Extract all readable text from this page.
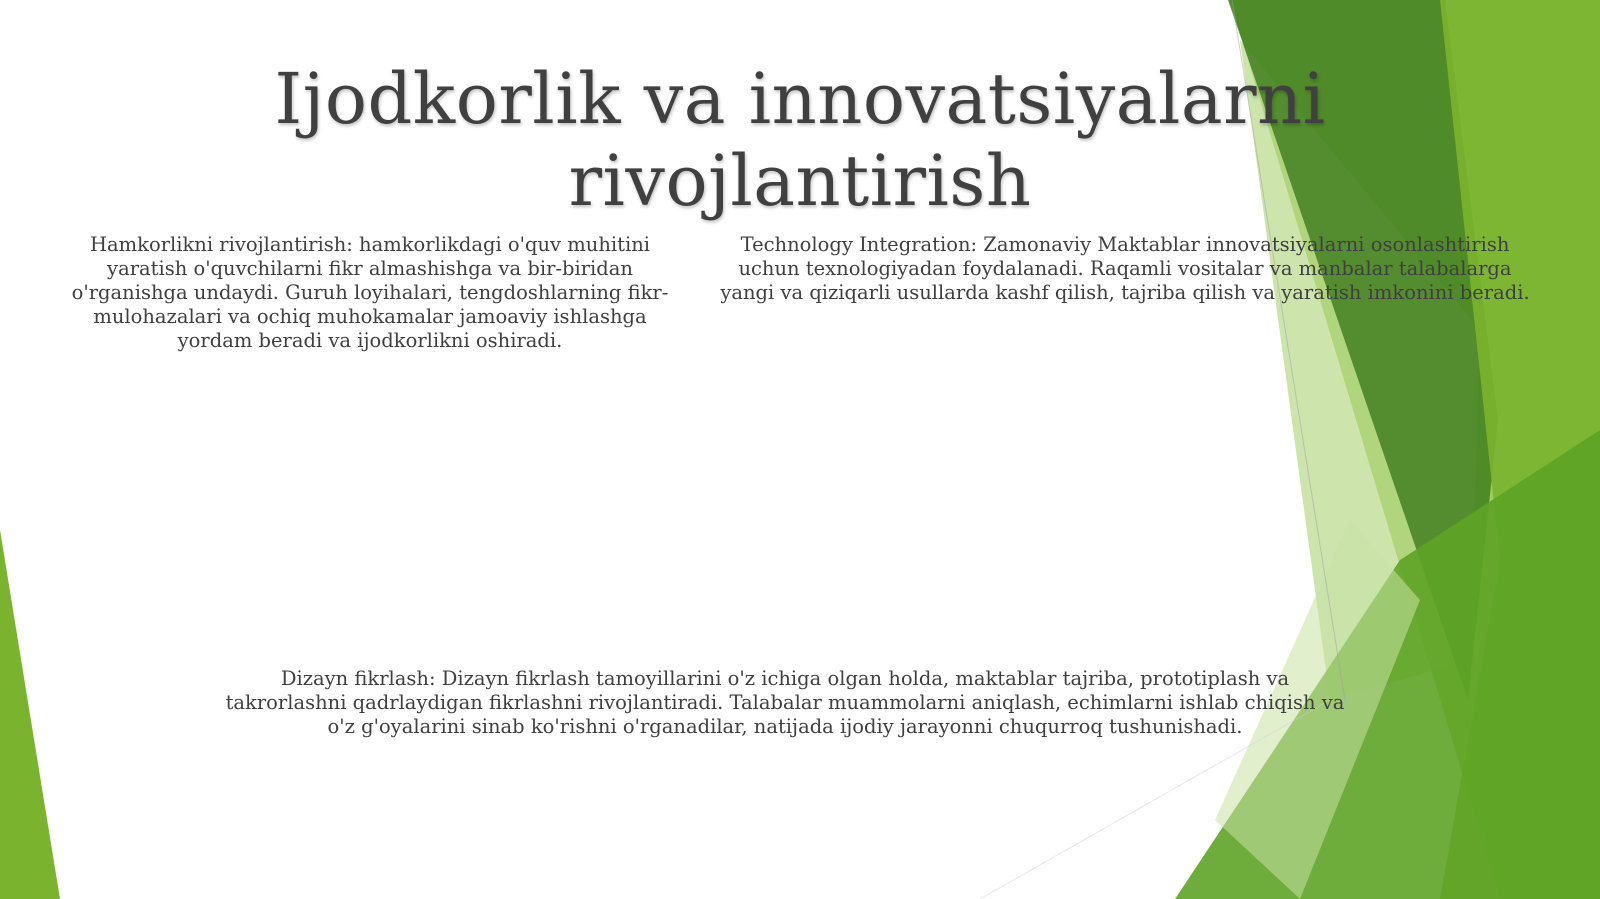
Ijodkorlik va innovatsiyalarni rivojlantirish

Hamkorlikni rivojlantirish: hamkorlikdagi o'quv muhitini yaratish o'quvchilarni fikr almashishga va bir-biridan o'rganishga undaydi. Guruh loyihalari, tengdoshlarning fikr-mulohazalari va ochiq muhokamalar jamoaviy ishlashga yordam beradi va ijodkorlikni oshiradi.

Technology Integration: Zamonaviy Maktablar innovatsiyalarni osonlashtirish uchun texnologiyadan foydalanadi. Raqamli vositalar va manbalar talabalarga yangi va qiziqarli usullarda kashf qilish, tajriba qilish va yaratish imkonini beradi.

Dizayn fikrlash: Dizayn fikrlash tamoyillarini o'z ichiga olgan holda, maktablar tajriba, prototiplash va takrorlashni qadrlaydigan fikrlashni rivojlantiradi. Talabalar muammolarni aniqlash, echimlarni ishlab chiqish va o'z g'oyalarini sinab ko'rishni o'rganadilar, natijada ijodiy jarayonni chuqurroq tushunishadi.
